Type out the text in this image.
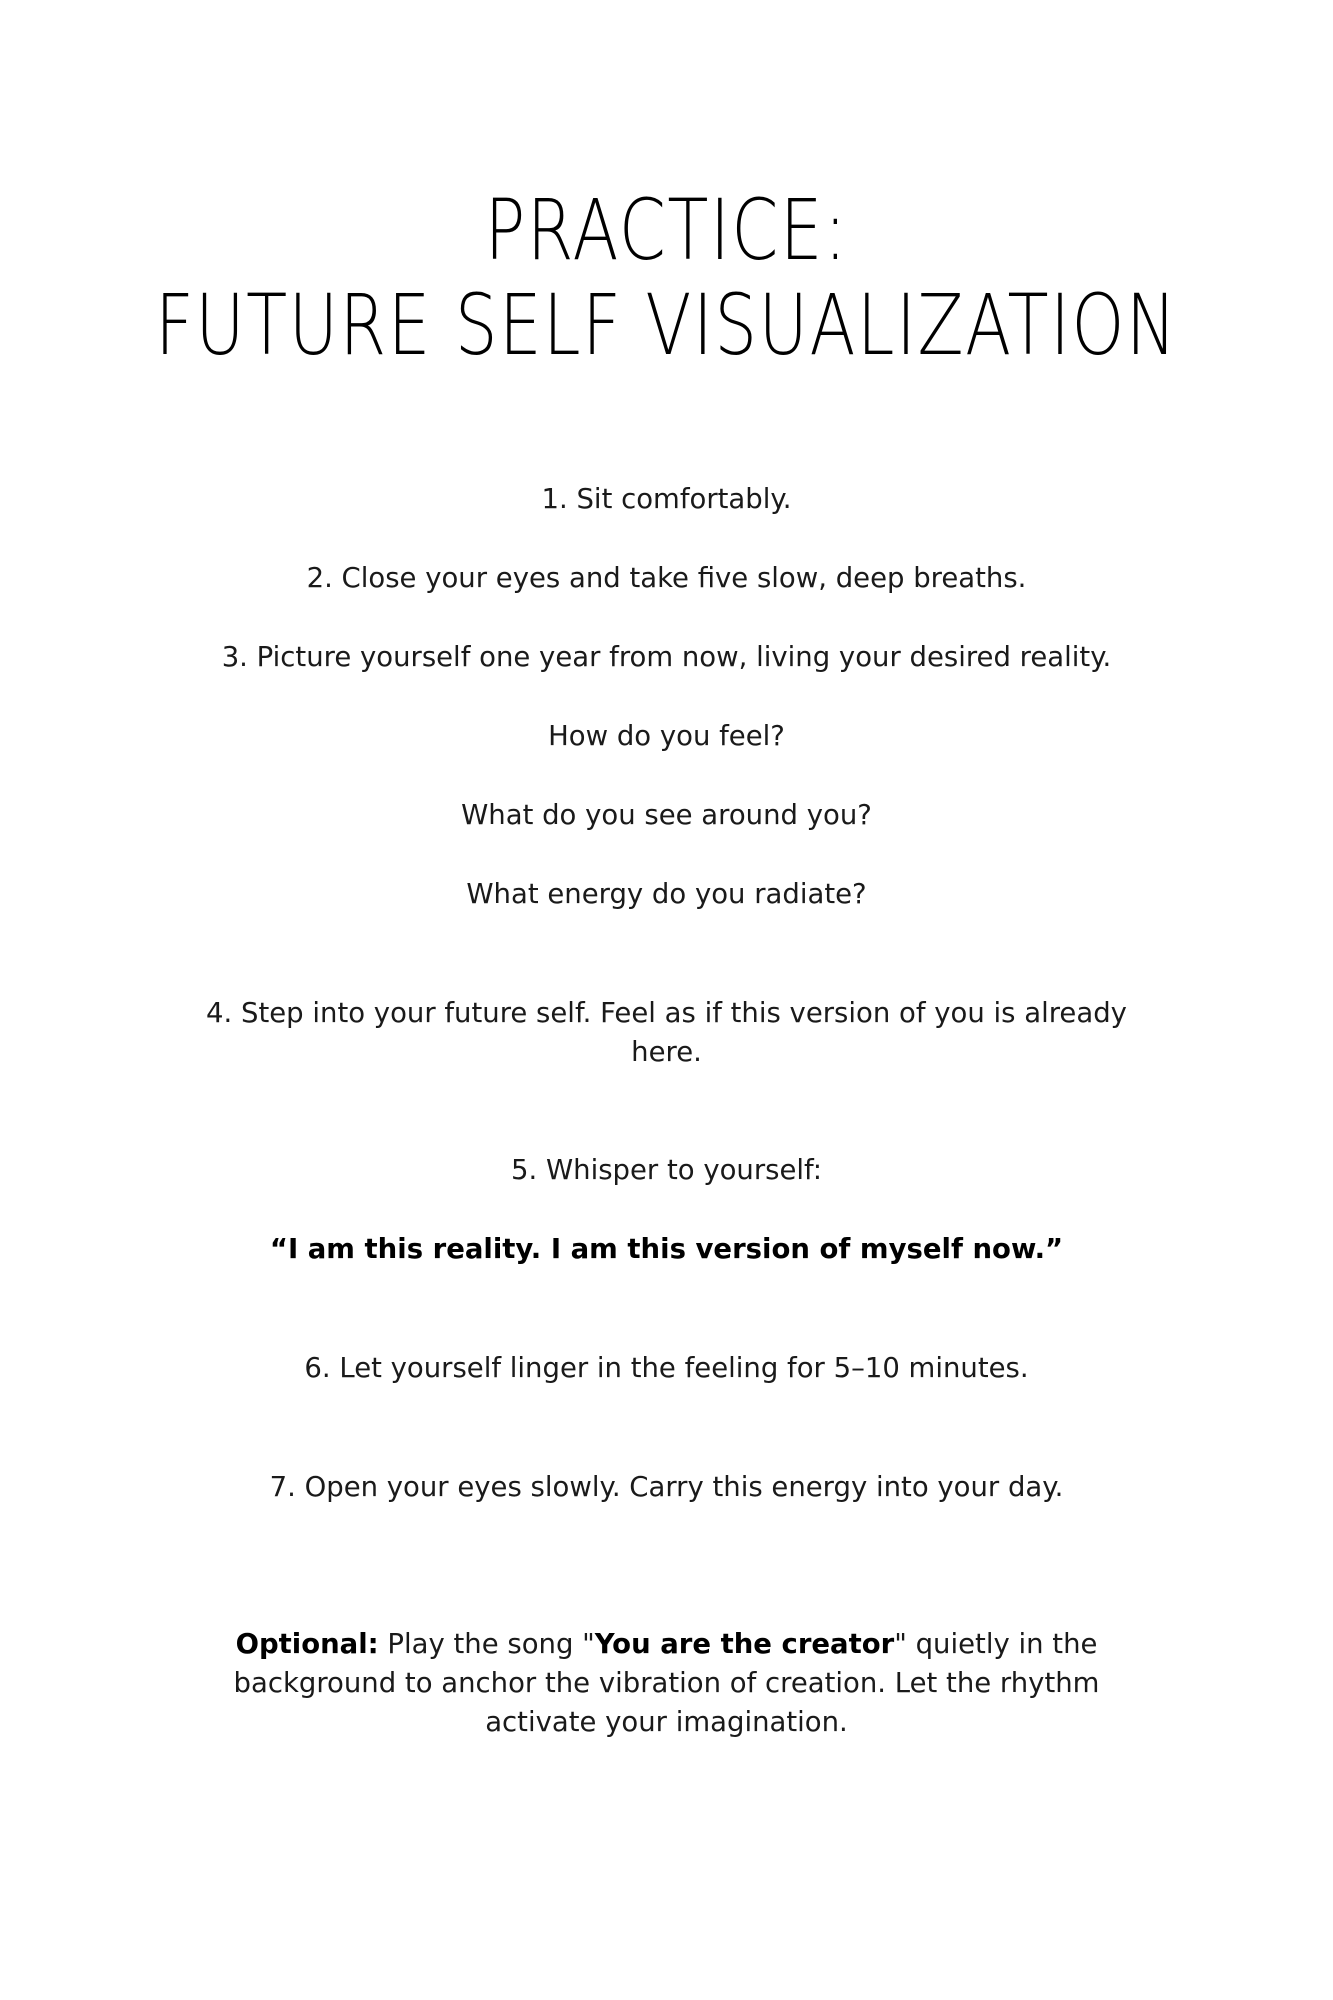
PRACTICE:
FUTURE SELF VISUALIZATION
1. Sit comfortably.
2. Close your eyes and take five slow, deep breaths.
3. Picture yourself one year from now, living your desired reality.
How do you feel?
What do you see around you?
What energy do you radiate?
4. Step into your future self. Feel as if this version of you is already here.
5. Whisper to yourself:
“I am this reality. I am this version of myself now.”
6. Let yourself linger in the feeling for 5–10 minutes.
7. Open your eyes slowly. Carry this energy into your day.
Optional: Play the song "You are the creator" quietly in the background to anchor the vibration of creation. Let the rhythm activate your imagination.
